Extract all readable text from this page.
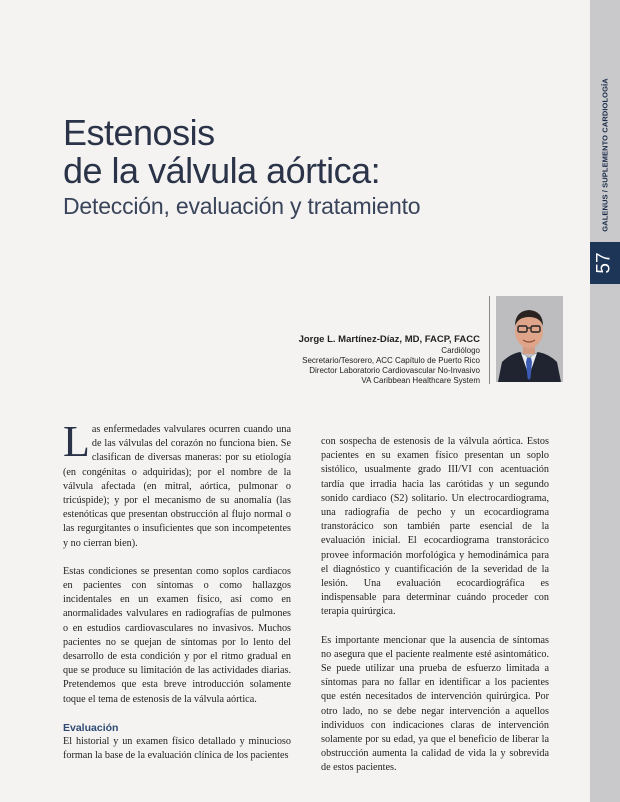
GALENUS / SUPLEMENTO CARDIOLOGÍA
57
Estenosis
de la válvula aórtica:
Detección, evaluación y tratamiento
Jorge L. Martínez-Díaz, MD, FACP, FACC
Cardiólogo
Secretario/Tesorero, ACC Capítulo de Puerto Rico
Director Laboratorio Cardiovascular No-Invasivo
VA Caribbean Healthcare System

Las enfermedades valvulares ocurren cuando una de las válvulas del corazón no funciona bien. Se clasifican de diversas maneras: por su etiología (en congénitas o adquiridas); por el nombre de la válvula afectada (en mitral, aórtica, pulmonar o tricúspide); y por el mecanismo de su anomalía (las estenóticas que presentan obstrucción al flujo normal o las regurgitantes o insuficientes que son incompetentes y no cierran bien).

Estas condiciones se presentan como soplos cardiacos en pacientes con síntomas o como hallazgos incidentales en un examen físico, así como en anormalidades valvulares en radiografías de pulmones o en estudios cardiovasculares no invasivos. Muchos pacientes no se quejan de síntomas por lo lento del desarrollo de esta condición y por el ritmo gradual en que se produce su limitación de las actividades diarias. Pretendemos que esta breve introducción solamente toque el tema de estenosis de la válvula aórtica.

Evaluación

El historial y un examen físico detallado y minucioso forman la base de la evaluación clínica de los pacientes

con sospecha de estenosis de la válvula aórtica. Estos pacientes en su examen físico presentan un soplo sistólico, usualmente grado III/VI con acentuación tardía que irradia hacia las carótidas y un segundo sonido cardiaco (S2) solitario. Un electrocardiograma, una radiografía de pecho y un ecocardiograma transtorácico son también parte esencial de la evaluación inicial. El ecocardiograma transtorácico provee información morfológica y hemodinámica para el diagnóstico y cuantificación de la severidad de la lesión. Una evaluación ecocardiográfica es indispensable para determinar cuándo proceder con terapia quirúrgica.

Es importante mencionar que la ausencia de síntomas no asegura que el paciente realmente esté asintomático. Se puede utilizar una prueba de esfuerzo limitada a síntomas para no fallar en identificar a los pacientes que estén necesitados de intervención quirúrgica. Por otro lado, no se debe negar intervención a aquellos individuos con indicaciones claras de intervención solamente por su edad, ya que el beneficio de liberar la obstrucción aumenta la calidad de vida la y sobrevida de estos pacientes.
